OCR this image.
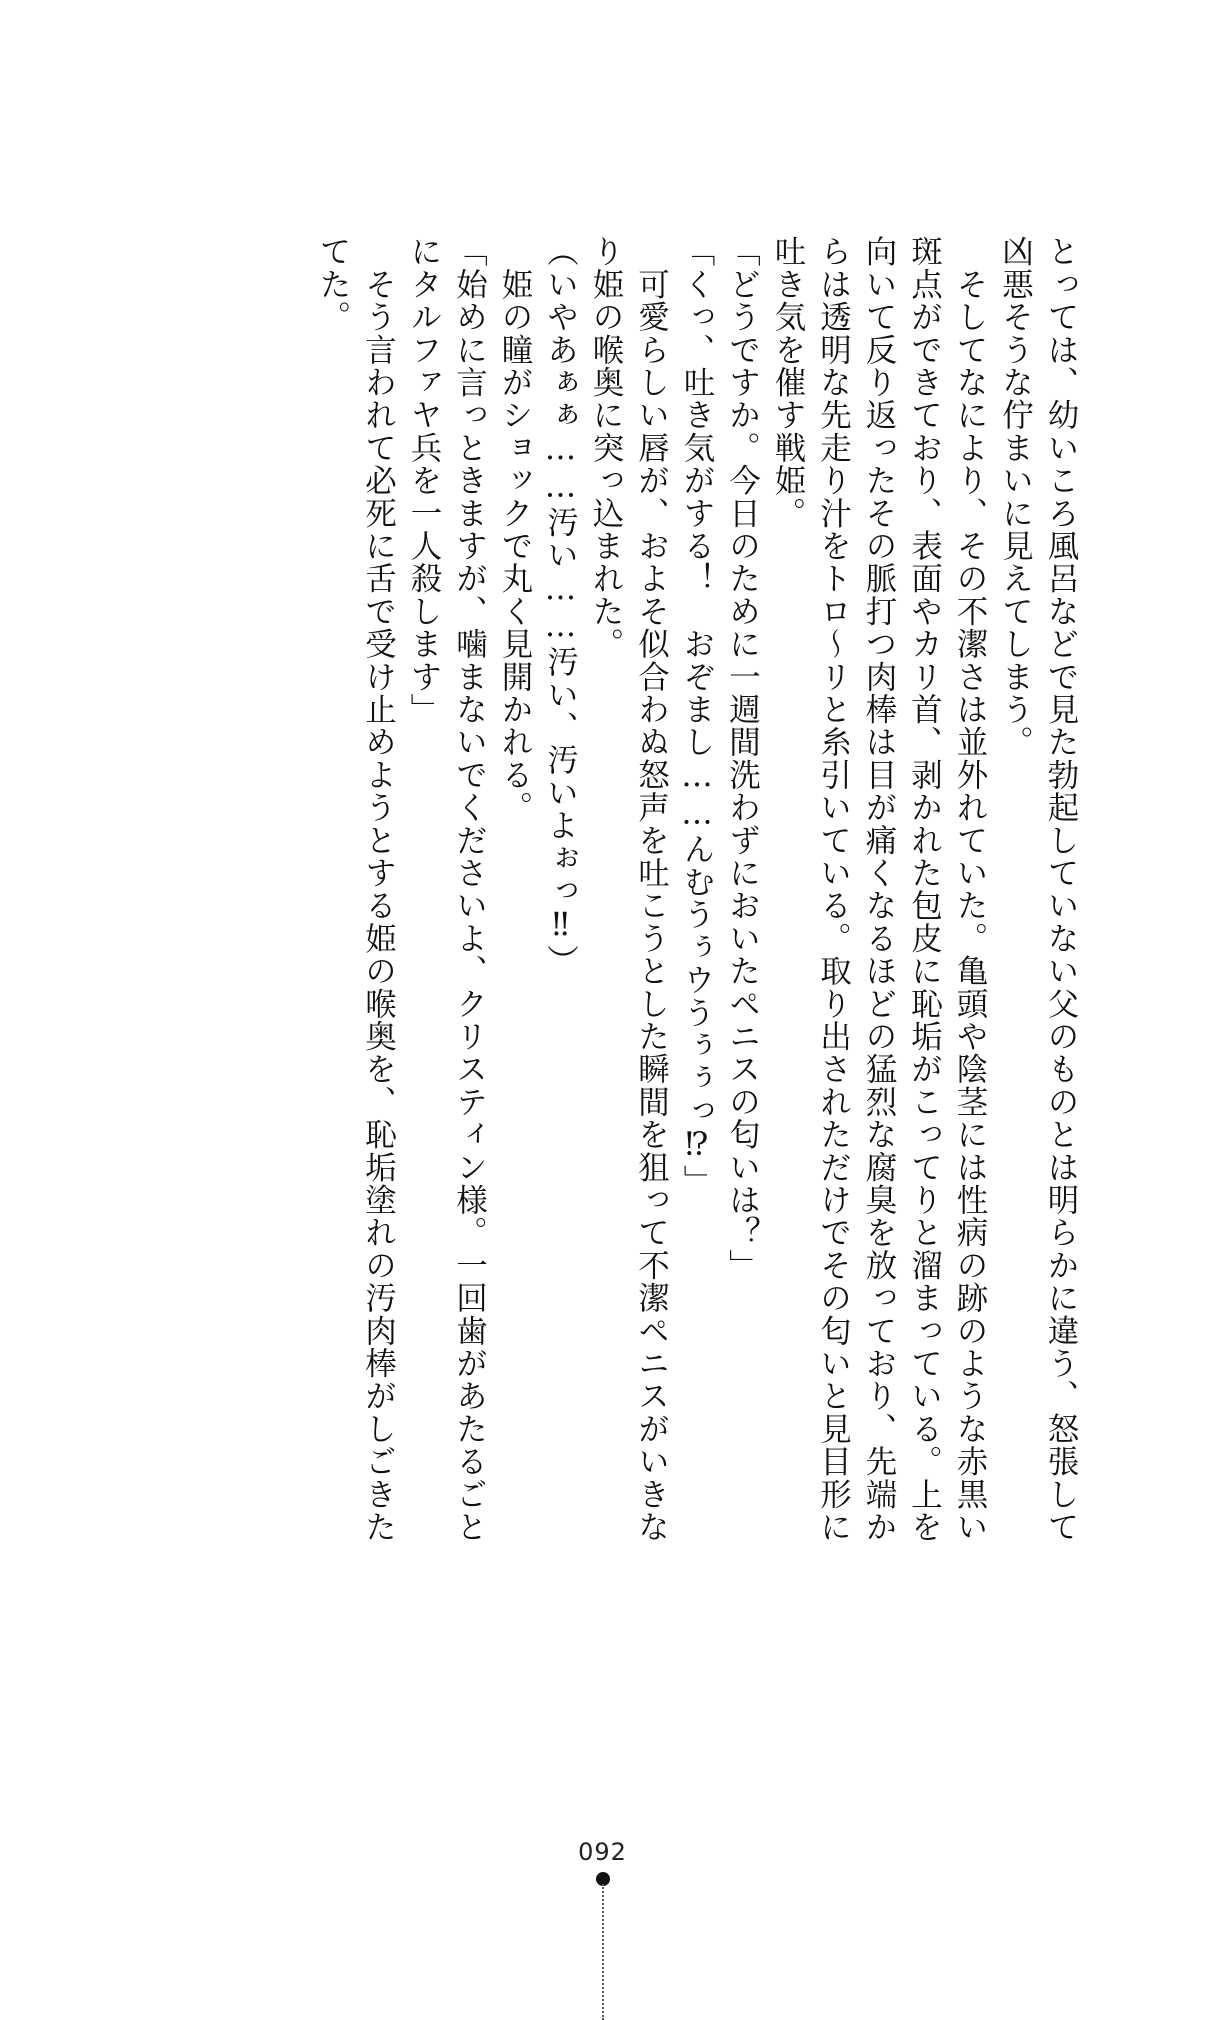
とっては、幼いころ風呂などで見た勃起していない父のものとは明らかに違う、怒張して
凶悪そうな佇まいに見えてしまう。
　そしてなにより、その不潔さは並外れていた。亀頭や陰茎には性病の跡のような赤黒い
斑点ができており、表面やカリ首、剥かれた包皮に恥垢がこってりと溜まっている。上を
向いて反り返ったその脈打つ肉棒は目が痛くなるほどの猛烈な腐臭を放っており、先端か
らは透明な先走り汁をトロ〜リと糸引いている。取り出されただけでその匂いと見目形に
吐き気を催す戦姫。
「どうですか。今日のために一週間洗わずにおいたペニスの匂いは？」
「くっ、吐き気がする！　おぞまし……んむうぅウうぅぅっ⁉」
　可愛らしい唇が、およそ似合わぬ怒声を吐こうとした瞬間を狙って不潔ペニスがいきな
り姫の喉奥に突っ込まれた。
（いやあぁぁ……汚い……汚い、汚いよぉっ‼）
　姫の瞳がショックで丸く見開かれる。
「始めに言っときますが、噛まないでくださいよ、クリスティン様。一回歯があたるごと
にタルファヤ兵を一人殺します」
　そう言われて必死に舌で受け止めようとする姫の喉奥を、恥垢塗れの汚肉棒がしごきた
てた。
092
